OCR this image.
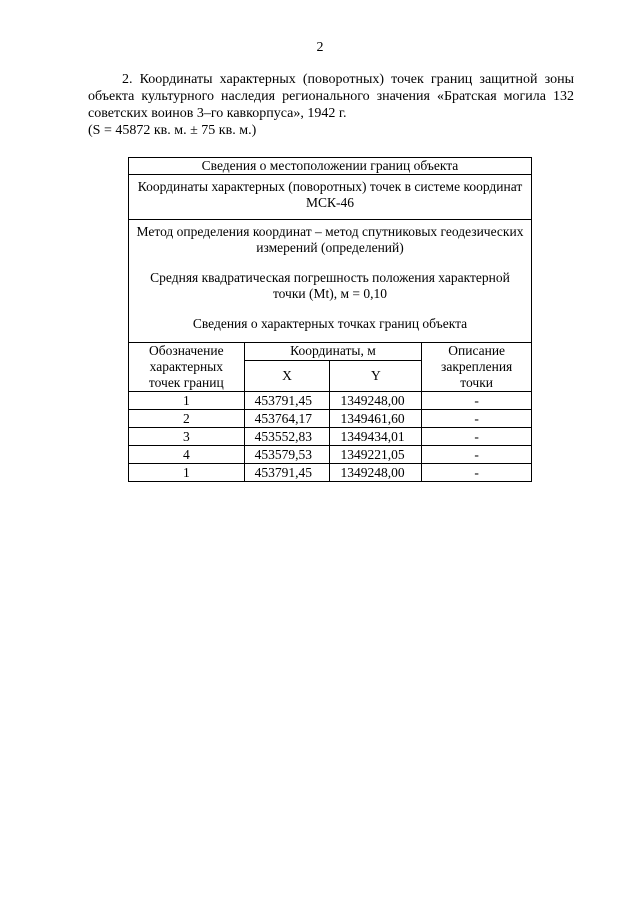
2
2. Координаты характерных (поворотных) точек границ защитной зоны объекта культурного наследия регионального значения «Братская могила 132 советских воинов 3–го кавкорпуса», 1942 г.
(S = 45872 кв. м. ± 75 кв. м.)
Сведения о местоположении границ объекта			
Координаты характерных (поворотных) точек в системе координат МСК-46			

Метод определения координат – метод спутниковых геодезических измерений (определений)

Средняя квадратическая погрешность положения характерной точки (Mt), м = 0,10

Сведения о характерных точках границ объекта			

Обозначение характерных точек границ	Координаты, м		Описание закрепления точки
	X	Y	
1	453791,45	1349248,00	-
2	453764,17	1349461,60	-
3	453552,83	1349434,01	-
4	453579,53	1349221,05	-
1	453791,45	1349248,00	-
